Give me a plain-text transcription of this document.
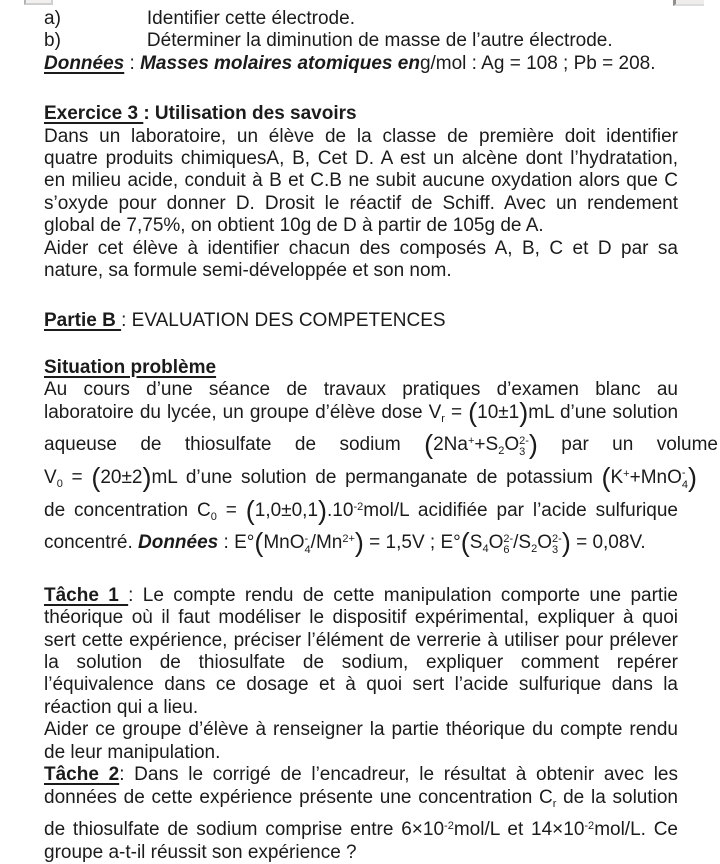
a)	Identifier cette électrode.
b)	Déterminer la diminution de masse de l’autre électrode.
Données : Masses molaires atomiques eng/mol : Ag = 108 ; Pb = 208.
Exercice 3 : Utilisation des savoirs
Dans un laboratoire, un élève de la classe de première doit identifier
quatre produits chimiquesA, B, Cet D. A est un alcène dont l’hydratation,
en milieu acide, conduit à B et C.B ne subit aucune oxydation alors que C
s’oxyde pour donner D. Drosit le réactif de Schiff. Avec un rendement
global de 7,75%, on obtient 10g de D à partir de 105g de A.
Aider cet élève à identifier chacun des composés A, B, C et D par sa
nature, sa formule semi-développée et son nom.
Partie B : EVALUATION DES COMPETENCES
Situation problème
Au cours d’une séance de travaux pratiques d’examen blanc au
laboratoire du lycée, un groupe d’élève dose $V_r = (10\pm 1)mL$ d’une solution
aqueuse de thiosulfate de sodium ($2Na^++S_2O$ 2-
3 ) par un volume
$V_0 = (20\pm 2)mL$ d’une solution de permanganate de potassium (K++MnO -
4 )
de concentration $C_0 = (1,0\pm 0,1).10^{-2}mol/L$ acidifiée par l’acide sulfurique
concentré. Données : E°(MnO -
4 $/Mn^{2+}) = 1,5V$ ; $E^\circ(S_4O$ 2-
6 $/S_2O$ 2-
3 ) = 0,08V.
Tâche 1 : Le compte rendu de cette manipulation comporte une partie
théorique où il faut modéliser le dispositif expérimental, expliquer à quoi
sert cette expérience, préciser l’élément de verrerie à utiliser pour prélever
la solution de thiosulfate de sodium, expliquer comment repérer
l’équivalence dans ce dosage et à quoi sert l’acide sulfurique dans la
réaction qui a lieu.
Aider ce groupe d’élève à renseigner la partie théorique du compte rendu
de leur manipulation.
Tâche 2: Dans le corrigé de l’encadreur, le résultat à obtenir avec les
données de cette expérience présente une concentration $C_r$ de la solution
de thiosulfate de sodium comprise entre $6\times 10^{-2}mol/L$ et $14\times 10^{-2}mol/L$. Ce
groupe a-t-il réussit son expérience ?
